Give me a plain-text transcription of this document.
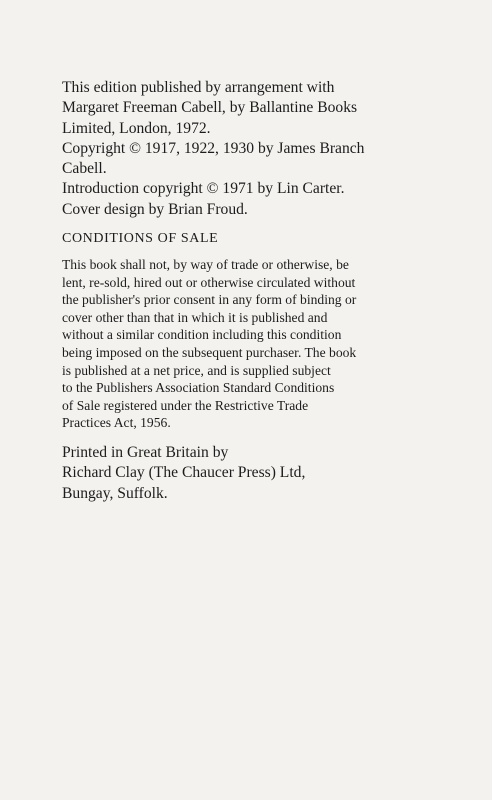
This edition published by arrangement with
Margaret Freeman Cabell, by Ballantine Books
Limited, London, 1972.
Copyright © 1917, 1922, 1930 by James Branch
Cabell.
Introduction copyright © 1971 by Lin Carter.
Cover design by Brian Froud.
CONDITIONS OF SALE
This book shall not, by way of trade or otherwise, be
lent, re-sold, hired out or otherwise circulated without
the publisher's prior consent in any form of binding or
cover other than that in which it is published and
without a similar condition including this condition
being imposed on the subsequent purchaser. The book
is published at a net price, and is supplied subject
to the Publishers Association Standard Conditions
of Sale registered under the Restrictive Trade
Practices Act, 1956.
Printed in Great Britain by
Richard Clay (The Chaucer Press) Ltd,
Bungay, Suffolk.
